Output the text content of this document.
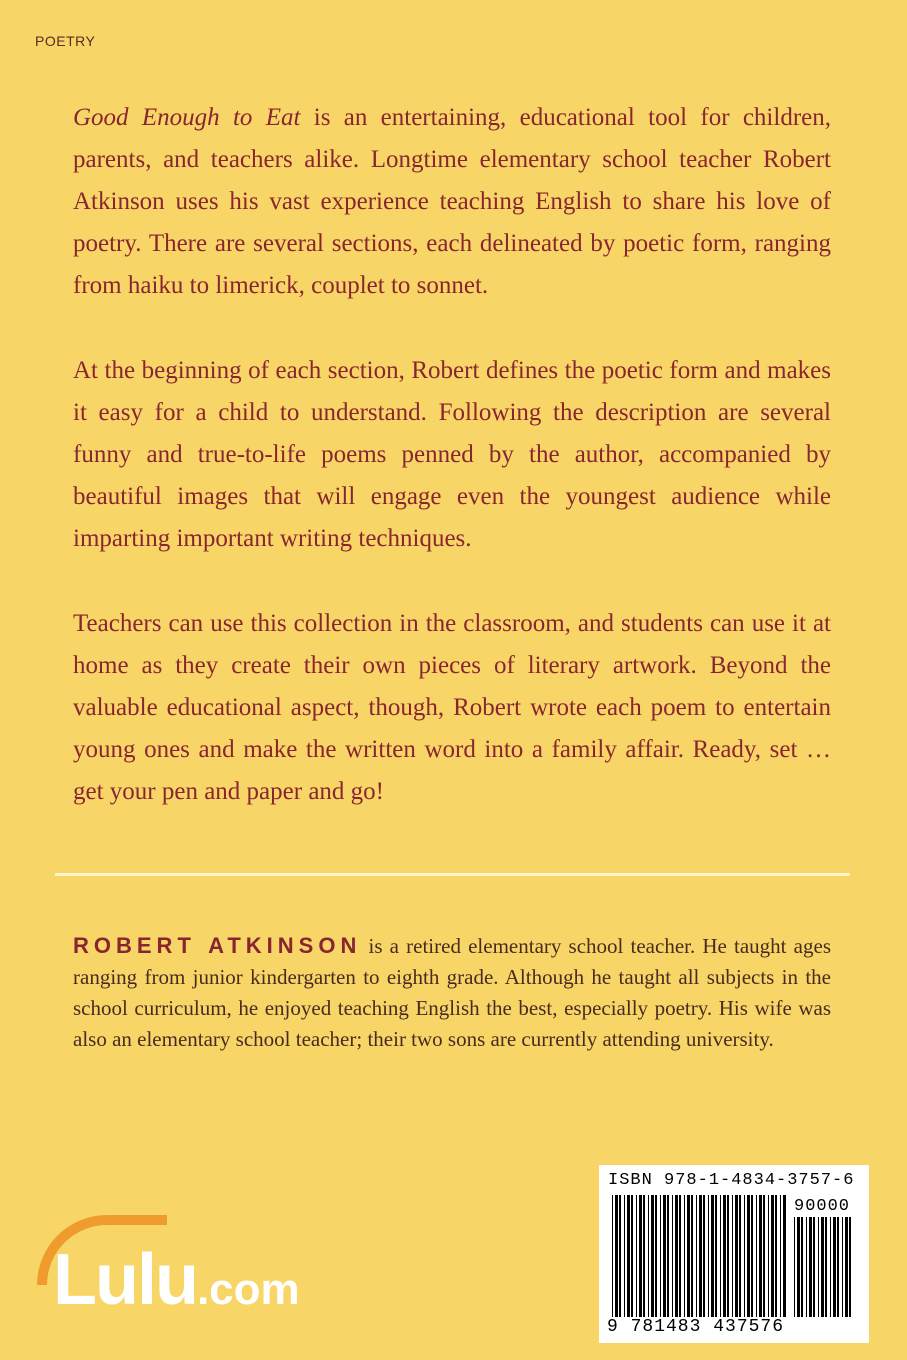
POETRY

Good Enough to Eat is an entertaining, educational tool for children, parents, and teachers alike. Longtime elementary school teacher Robert Atkinson uses his vast experience teaching English to share his love of poetry. There are several sections, each delineated by poetic form, ranging from haiku to limerick, couplet to sonnet.

At the beginning of each section, Robert defines the poetic form and makes it easy for a child to understand. Following the description are several funny and true-to-life poems penned by the author, accompanied by beautiful images that will engage even the youngest audience while imparting important writing techniques.

Teachers can use this collection in the classroom, and students can use it at home as they create their own pieces of literary artwork. Beyond the valuable educational aspect, though, Robert wrote each poem to entertain young ones and make the written word into a family affair. Ready, set … get your pen and paper and go!

ROBERT ATKINSON is a retired elementary school teacher. He taught ages ranging from junior kindergarten to eighth grade. Although he taught all subjects in the school curriculum, he enjoyed teaching English the best, especially poetry. His wife was also an elementary school teacher; their two sons are currently attending university.

Lulu.com
ISBN 978-1-4834-3757-6
90000
9 781483 437576
